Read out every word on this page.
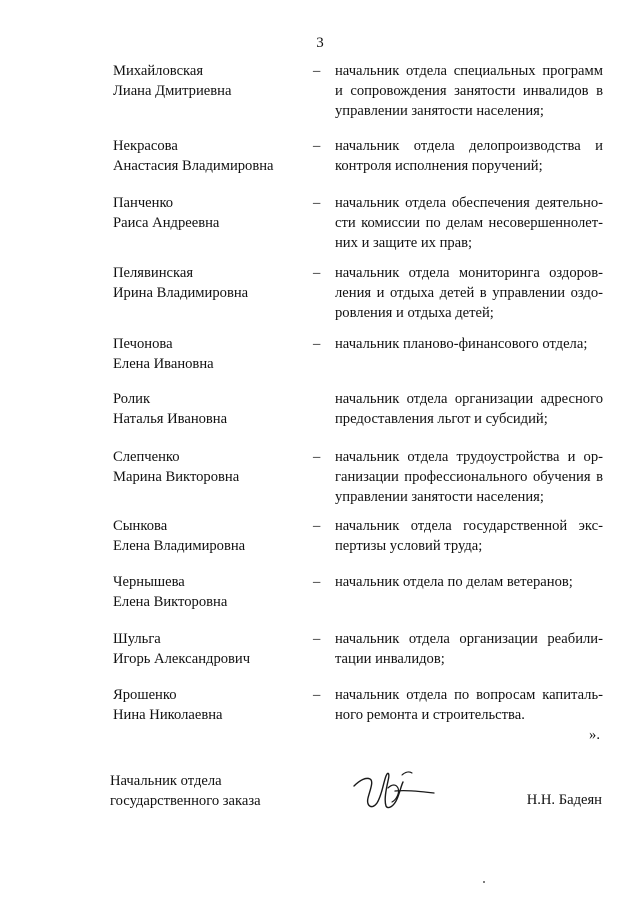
3
Михайловская
Лиана Дмитриевна
– начальник отдела специальных программ и сопровождения занятости инвалидов в управлении занятости населения;
Некрасова
Анастасия Владимировна
– начальник отдела делопроизводства и контроля исполнения поручений;
Панченко
Раиса Андреевна
– начальник отдела обеспечения деятельности комиссии по делам несовершеннолетних и защите их прав;
Пелявинская
Ирина Владимировна
– начальник отдела мониторинга оздоровления и отдыха детей в управлении оздоровления и отдыха детей;
Печонова
Елена Ивановна
– начальник планово-финансового отдела;
Ролик
Наталья Ивановна
начальник отдела организации адресного предоставления льгот и субсидий;
Слепченко
Марина Викторовна
– начальник отдела трудоустройства и организации профессионального обучения в управлении занятости населения;
Сынкова
Елена Владимировна
– начальник отдела государственной экспертизы условий труда;
Чернышева
Елена Викторовна
– начальник отдела по делам ветеранов;
Шульга
Игорь Александрович
– начальник отдела организации реабилитации инвалидов;
Ярошенко
Нина Николаевна
– начальник отдела по вопросам капитального ремонта и строительства.
».
Начальник отдела
государственного заказа	Н.Н. Бадеян
